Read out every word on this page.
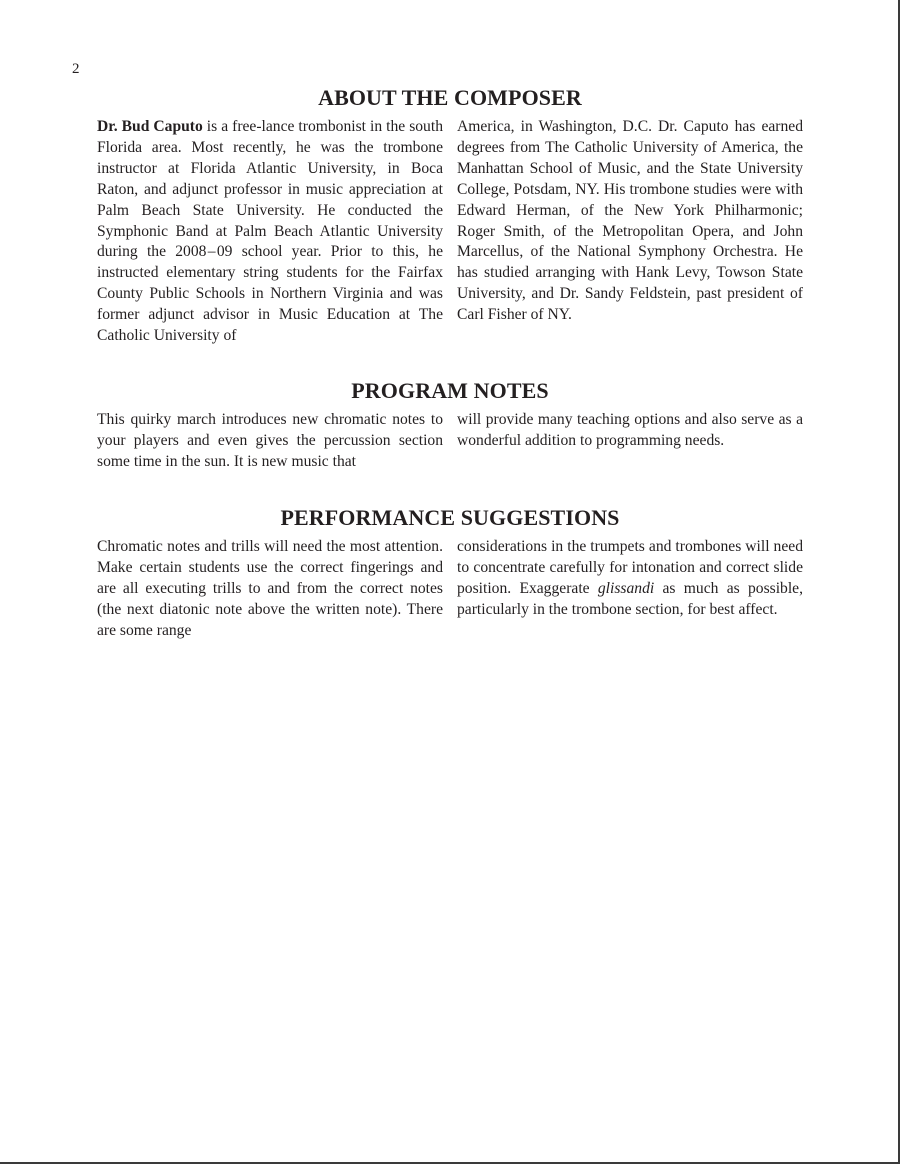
2
ABOUT THE COMPOSER

Dr. Bud Caputo is a free-lance trombonist in the south Florida area. Most recently, he was the trombone instructor at Florida Atlantic University, in Boca Raton, and adjunct professor in music appreciation at Palm Beach State University. He conducted the Symphonic Band at Palm Beach Atlantic University during the 2008 – 09 school year. Prior to this, he instructed elementary string students for the Fairfax County Public Schools in Northern Virginia and was former adjunct advisor in Music Education at The Catholic University of

America, in Washington, D.C. Dr. Caputo has earned degrees from The Catholic University of America, the Manhattan School of Music, and the State University College, Potsdam, NY. His trombone studies were with Edward Herman, of the New York Philharmonic; Roger Smith, of the Metropolitan Opera, and John Marcellus, of the National Symphony Orchestra. He has studied arranging with Hank Levy, Towson State University, and Dr. Sandy Feldstein, past president of Carl Fisher of NY.

PROGRAM NOTES

This quirky march introduces new chromatic notes to your players and even gives the percussion section some time in the sun. It is new music that

will provide many teaching options and also serve as a wonderful addition to programming needs.

PERFORMANCE SUGGESTIONS

Chromatic notes and trills will need the most attention. Make certain students use the correct fingerings and are all executing trills to and from the correct notes (the next diatonic note above the written note). There are some range

considerations in the trumpets and trombones will need to concentrate carefully for intonation and correct slide position. Exaggerate glissandi as much as possible, particularly in the trombone section, for best affect.
